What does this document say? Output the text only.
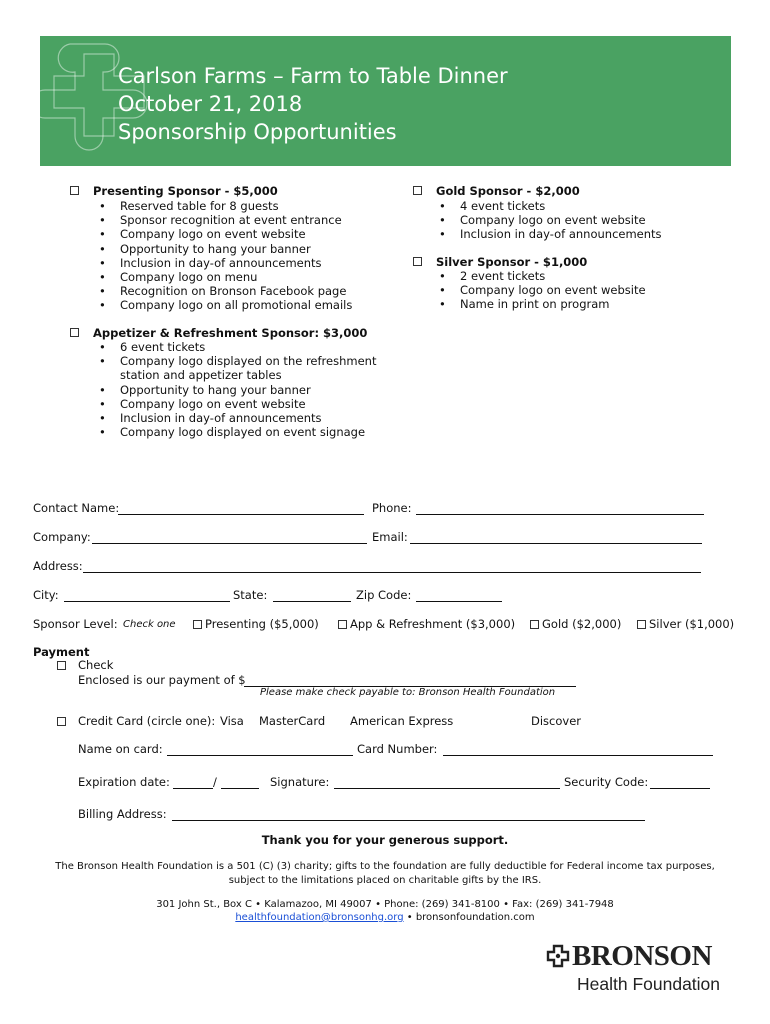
Carlson Farms – Farm to Table Dinner
October 21, 2018
Sponsorship Opportunities
Presenting Sponsor - $5,000
• Reserved table for 8 guests
• Sponsor recognition at event entrance
• Company logo on event website
• Opportunity to hang your banner
• Inclusion in day-of announcements
• Company logo on menu
• Recognition on Bronson Facebook page
• Company logo on all promotional emails
Appetizer & Refreshment Sponsor: $3,000
• 6 event tickets
• Company logo displayed on the refreshment station and appetizer tables
• Opportunity to hang your banner
• Company logo on event website
• Inclusion in day-of announcements
• Company logo displayed on event signage
Gold Sponsor - $2,000
• 4 event tickets
• Company logo on event website
• Inclusion in day-of announcements
Silver Sponsor - $1,000
• 2 event tickets
• Company logo on event website
• Name in print on program
Contact Name:	Phone:
Company:	Email:
Address:
City:	State:	Zip Code:
Sponsor Level: Check one	Presenting ($5,000)	App & Refreshment ($3,000) Gold ($2,000) Silver ($1,000)
Payment
Check
Enclosed is our payment of $
Please make check payable to: Bronson Health Foundation
Credit Card (circle one): Visa MasterCard American Express	Discover
Name on card:	Card Number:
Expiration date:	/	Signature:	Security Code:
Billing Address:
Thank you for your generous support.
The Bronson Health Foundation is a 501 (C) (3) charity; gifts to the foundation are fully deductible for Federal income tax purposes,
subject to the limitations placed on charitable gifts by the IRS.
301 John St., Box C • Kalamazoo, MI 49007 • Phone: (269) 341-8100 • Fax: (269) 341-7948
healthfoundation@bronsonhg.org • bronsonfoundation.com
BRONSON
Health Foundation
